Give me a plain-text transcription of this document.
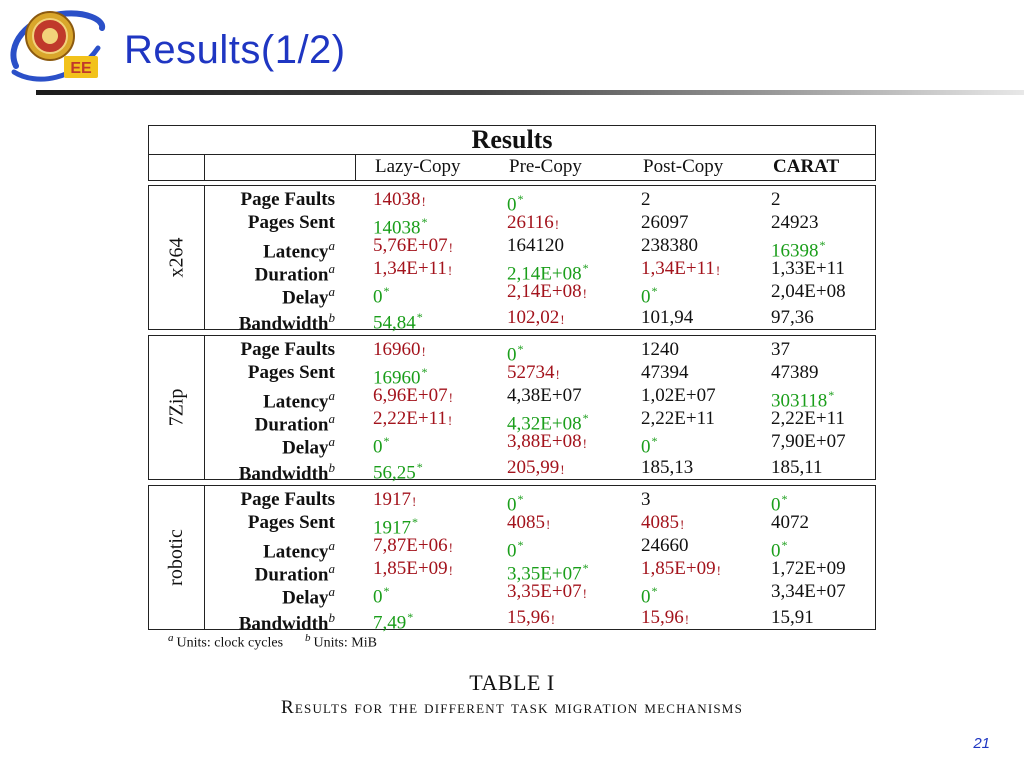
EE Results(1/2)
Results
Lazy-Copy	Pre-Copy	Post-Copy	CARAT
x264
Page Faults 14038!	0*	2	2
Pages Sent 14038*	26116!	26097	24923
Latency$^a$ 5,76E+07!	164120	238380	16398*
Duration$^a$ 1,34E+11!	2,14E+08*	1,34E+11!	1,33E+11
Delay$^a$ 0*	2,14E+08!	0*	2,04E+08
Bandwidth$^b$ 54,84*	102,02!	101,94	97,36
7Zip
Page Faults 16960!	0*	1240	37
Pages Sent 16960*	52734!	47394	47389
Latency$^a$ 6,96E+07!	4,38E+07	1,02E+07	303118*
Duration$^a$ 2,22E+11!	4,32E+08*	2,22E+11	2,22E+11
Delay$^a$ 0*	3,88E+08!	0*	7,90E+07
Bandwidth$^b$ 56,25*	205,99!	185,13	185,11
robotic
Page Faults 1917!	0*	3	0*
Pages Sent 1917*	4085!	4085!	4072
Latency$^a$ 7,87E+06!	0*	24660	0*
Duration$^a$ 1,85E+09!	3,35E+07*	1,85E+09!	1,72E+09
Delay$^a$ 0*	3,35E+07!	0*	3,34E+07
Bandwidth$^b$ 7,49*	15,96!	15,96!	15,91
$^a$ Units: clock cycles $^b$ Units: MiB
TABLE I
Results for the different task migration mechanisms
21
